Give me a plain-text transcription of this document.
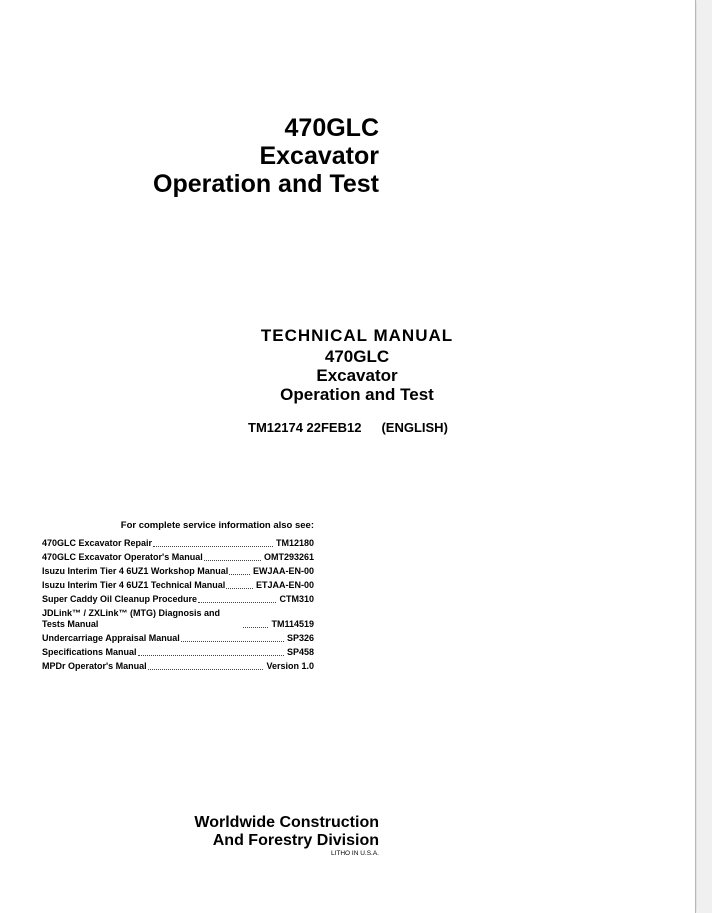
470GLC
Excavator
Operation and Test
TECHNICAL MANUAL
470GLC
Excavator
Operation and Test
TM12174 22FEB12 (ENGLISH)
For complete service information also see:
470GLC Excavator Repair	TM12180
470GLC Excavator Operator's Manual	OMT293261
Isuzu Interim Tier 4 6UZ1 Workshop Manual	EWJAA-EN-00
Isuzu Interim Tier 4 6UZ1 Technical Manual	ETJAA-EN-00
Super Caddy Oil Cleanup Procedure	CTM310
JDLink™ / ZXLink™ (MTG) Diagnosis and Tests Manual	TM114519
Undercarriage Appraisal Manual	SP326
Specifications Manual	SP458
MPDr Operator's Manual	Version 1.0
Worldwide Construction
And Forestry Division
LITHO IN U.S.A.
